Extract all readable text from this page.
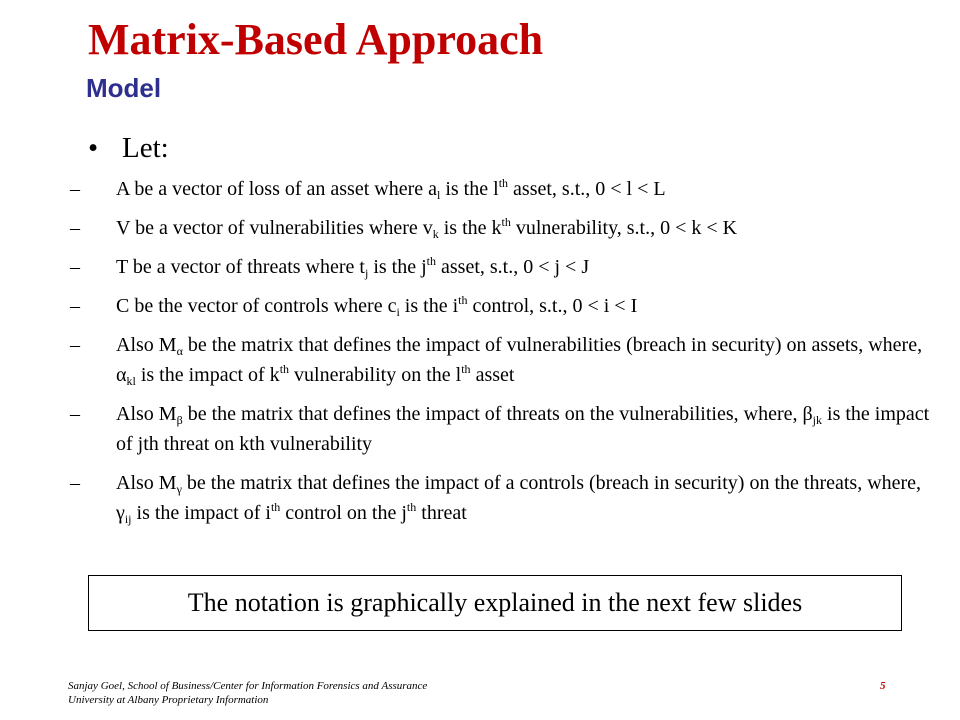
Matrix-Based Approach
Model
• Let:
– A be a vector of loss of an asset where $a_l$ is the $l^{th}$ asset, s.t., 0 < l < L
– V be a vector of vulnerabilities where $v_k$ is the $k^{th}$ vulnerability, s.t., 0 < k < K
– T be a vector of threats where $t_j$ is the $j^{th}$ asset, s.t., 0 < j < J
– C be the vector of controls where $c_i$ is the $i^{th}$ control, s.t., 0 < i < I
– Also $M_\alpha$ be the matrix that defines the impact of vulnerabilities (breach in security) on assets, where, $\alpha_{kl}$ is the impact of $k^{th}$ vulnerability on the $l^{th}$ asset
– Also $M_\beta$ be the matrix that defines the impact of threats on the vulnerabilities, where, $\beta_{jk}$ is the impact of jth threat on kth vulnerability
– Also $M_\gamma$ be the matrix that defines the impact of a controls (breach in security) on the threats, where, $\gamma_{ij}$ is the impact of $i^{th}$ control on the $j^{th}$ threat
The notation is graphically explained in the next few slides
Sanjay Goel, School of Business/Center for Information Forensics and Assurance
University at Albany Proprietary Information
5
